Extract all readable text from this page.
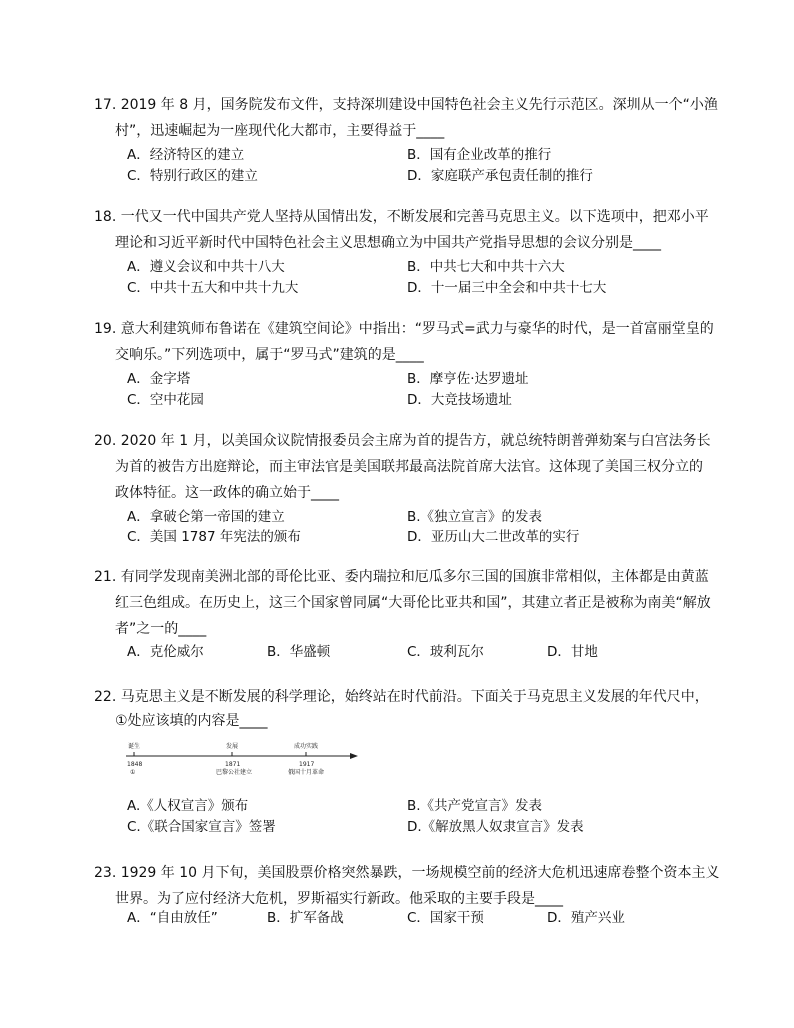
17. 2019 年 8 月，国务院发布文件，支持深圳建设中国特色社会主义先行示范区。深圳从一个“小渔
村”，迅速崛起为一座现代化大都市，主要得益于____
A．经济特区的建立	B．国有企业改革的推行
C．特别行政区的建立	D．家庭联产承包责任制的推行
18. 一代又一代中国共产党人坚持从国情出发，不断发展和完善马克思主义。以下选项中，把邓小平
理论和习近平新时代中国特色社会主义思想确立为中国共产党指导思想的会议分别是____
A．遵义会议和中共十八大	B．中共七大和中共十六大
C．中共十五大和中共十九大	D．十一届三中全会和中共十七大
19. 意大利建筑师布鲁诺在《建筑空间论》中指出：“罗马式=武力与豪华的时代，是一首富丽堂皇的
交响乐。”下列选项中，属于“罗马式”建筑的是____
A．金字塔	B．摩亨佐·达罗遗址
C．空中花园	D．大竞技场遗址
20. 2020 年 1 月，以美国众议院情报委员会主席为首的提告方，就总统特朗普弹劾案与白宫法务长
为首的被告方出庭辩论，而主审法官是美国联邦最高法院首席大法官。这体现了美国三权分立的
政体特征。这一政体的确立始于____
A．拿破仑第一帝国的建立	B.《独立宣言》的发表
C．美国 1787 年宪法的颁布	D．亚历山大二世改革的实行
21. 有同学发现南美洲北部的哥伦比亚、委内瑞拉和厄瓜多尔三国的国旗非常相似，主体都是由黄蓝
红三色组成。在历史上，这三个国家曾同属“大哥伦比亚共和国”，其建立者正是被称为南美“解放
者”之一的____
A．克伦威尔	B．华盛顿	C．玻利瓦尔	D．甘地
22. 马克思主义是不断发展的科学理论，始终站在时代前沿。下面关于马克思主义发展的年代尺中，
①处应该填的内容是____
A.《人权宣言》颁布	B.《共产党宣言》发表
C.《联合国家宣言》签署	D.《解放黑人奴隶宣言》发表
诞生	发展	成功实践
1848	1871	1917
①	巴黎公社建立	俄国十月革命
23. 1929 年 10 月下旬，美国股票价格突然暴跌，一场规模空前的经济大危机迅速席卷整个资本主义
世界。为了应付经济大危机，罗斯福实行新政。他采取的主要手段是____
A．“自由放任”	B．扩军备战	C．国家干预	D．殖产兴业
